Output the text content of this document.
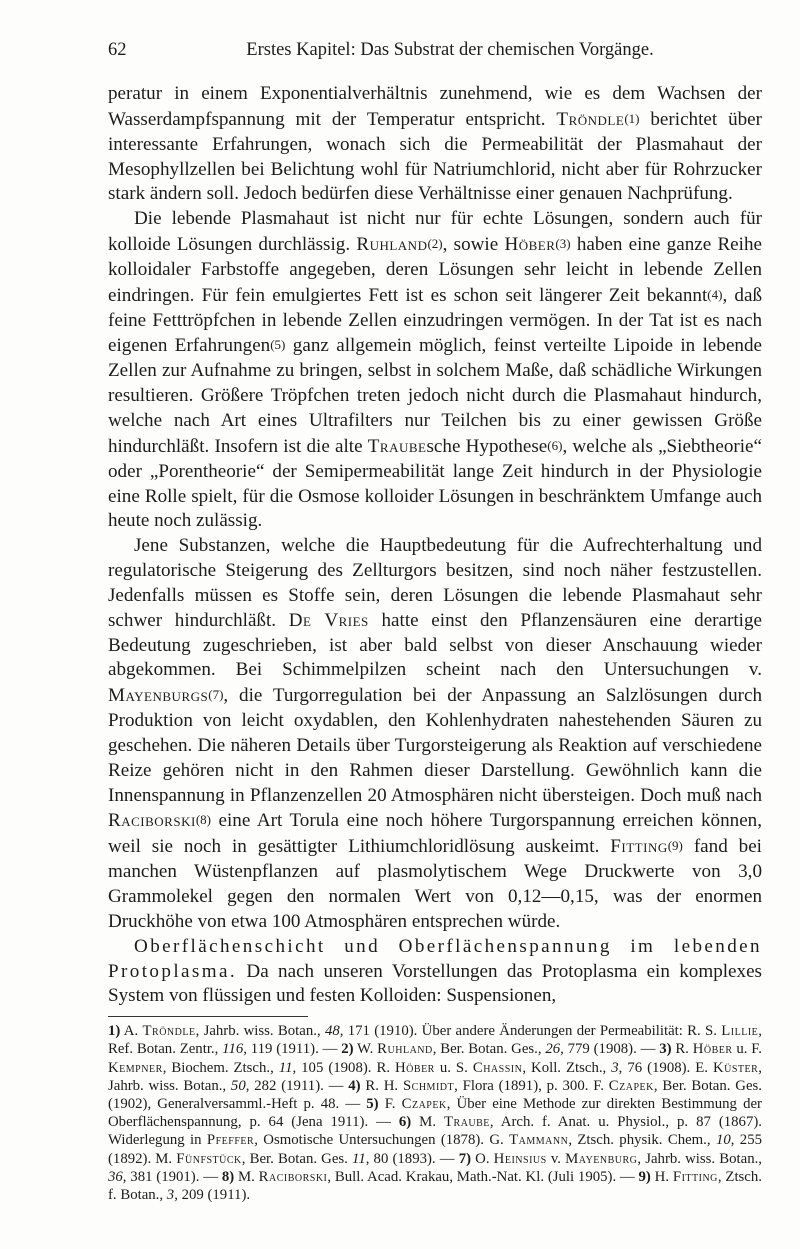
62	Erstes Kapitel: Das Substrat der chemischen Vorgänge.

peratur in einem Exponentialverhältnis zunehmend, wie es dem Wachsen der Wasserdampfspannung mit der Temperatur entspricht. Tröndle(1) berichtet über interessante Erfahrungen, wonach sich die Permeabilität der Plasmahaut der Mesophyllzellen bei Belichtung wohl für Natriumchlorid, nicht aber für Rohrzucker stark ändern soll. Jedoch bedürfen diese Verhältnisse einer genauen Nachprüfung.

Die lebende Plasmahaut ist nicht nur für echte Lösungen, sondern auch für kolloide Lösungen durchlässig. Ruhland(2), sowie Höber(3) haben eine ganze Reihe kolloidaler Farbstoffe angegeben, deren Lösungen sehr leicht in lebende Zellen eindringen. Für fein emulgiertes Fett ist es schon seit längerer Zeit bekannt(4), daß feine Fetttröpfchen in lebende Zellen einzudringen vermögen. In der Tat ist es nach eigenen Erfahrungen(5) ganz allgemein möglich, feinst verteilte Lipoide in lebende Zellen zur Aufnahme zu bringen, selbst in solchem Maße, daß schädliche Wirkungen resultieren. Größere Tröpfchen treten jedoch nicht durch die Plasmahaut hindurch, welche nach Art eines Ultrafilters nur Teilchen bis zu einer gewissen Größe hindurchläßt. Insofern ist die alte Traubesche Hypothese(6), welche als „Siebtheorie“ oder „Porentheorie“ der Semipermeabilität lange Zeit hindurch in der Physiologie eine Rolle spielt, für die Osmose kolloider Lösungen in beschränktem Umfange auch heute noch zulässig.

Jene Substanzen, welche die Hauptbedeutung für die Aufrechterhaltung und regulatorische Steigerung des Zellturgors besitzen, sind noch näher festzustellen. Jedenfalls müssen es Stoffe sein, deren Lösungen die lebende Plasmahaut sehr schwer hindurchläßt. De Vries hatte einst den Pflanzensäuren eine derartige Bedeutung zugeschrieben, ist aber bald selbst von dieser Anschauung wieder abgekommen. Bei Schimmelpilzen scheint nach den Untersuchungen v. Mayenburgs(7), die Turgorregulation bei der Anpassung an Salzlösungen durch Produktion von leicht oxydablen, den Kohlenhydraten nahestehenden Säuren zu geschehen. Die näheren Details über Turgorsteigerung als Reaktion auf verschiedene Reize gehören nicht in den Rahmen dieser Darstellung. Gewöhnlich kann die Innenspannung in Pflanzenzellen 20 Atmosphären nicht übersteigen. Doch muß nach Raciborski(8) eine Art Torula eine noch höhere Turgorspannung erreichen können, weil sie noch in gesättigter Lithiumchloridlösung auskeimt. Fitting(9) fand bei manchen Wüstenpflanzen auf plasmolytischem Wege Druckwerte von 3,0 Grammolekel gegen den normalen Wert von 0,12—0,15, was der enormen Druckhöhe von etwa 100 Atmosphären entsprechen würde.

Oberflächenschicht und Oberflächenspannung im lebenden Protoplasma. Da nach unseren Vorstellungen das Protoplasma ein komplexes System von flüssigen und festen Kolloiden: Suspensionen,

1) A. Tröndle, Jahrb. wiss. Botan., 48, 171 (1910). Über andere Änderungen der Permeabilität: R. S. Lillie, Ref. Botan. Zentr., 116, 119 (1911). — 2) W. Ruhland, Ber. Botan. Ges., 26, 779 (1908). — 3) R. Höber u. F. Kempner, Biochem. Ztsch., 11, 105 (1908). R. Höber u. S. Chassin, Koll. Ztsch., 3, 76 (1908). E. Küster, Jahrb. wiss. Botan., 50, 282 (1911). — 4) R. H. Schmidt, Flora (1891), p. 300. F. Czapek, Ber. Botan. Ges. (1902), Generalversamml.-Heft p. 48. — 5) F. Czapek, Über eine Methode zur direkten Bestimmung der Oberflächenspannung, p. 64 (Jena 1911). — 6) M. Traube, Arch. f. Anat. u. Physiol., p. 87 (1867). Widerlegung in Pfeffer, Osmotische Untersuchungen (1878). G. Tammann, Ztsch. physik. Chem., 10, 255 (1892). M. Fünfstück, Ber. Botan. Ges. 11, 80 (1893). — 7) O. Heinsius v. Mayenburg, Jahrb. wiss. Botan., 36, 381 (1901). — 8) M. Raciborski, Bull. Acad. Krakau, Math.-Nat. Kl. (Juli 1905). — 9) H. Fitting, Ztsch. f. Botan., 3, 209 (1911).
